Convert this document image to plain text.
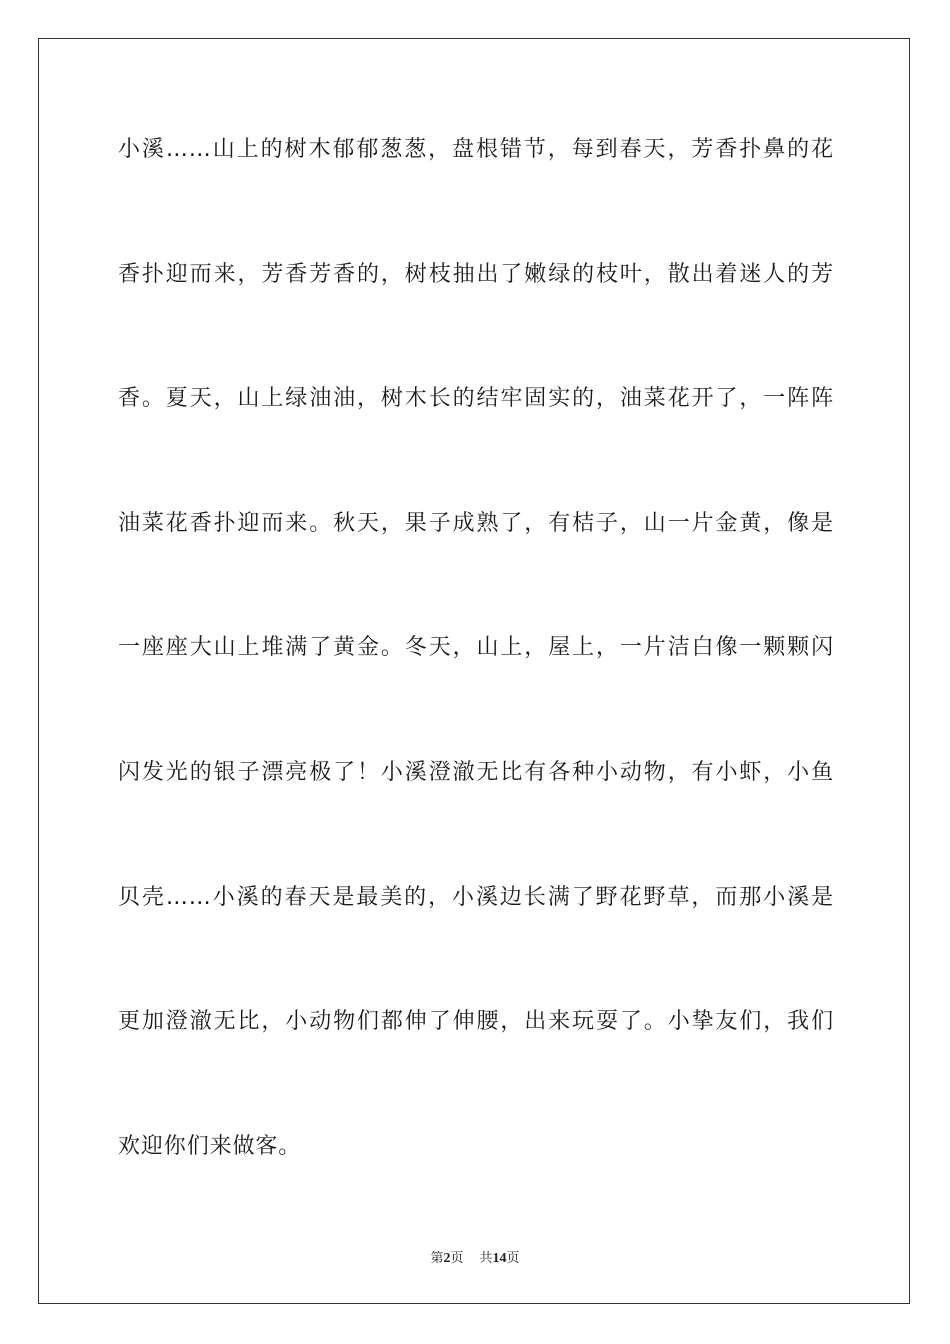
小溪……山上的树木郁郁葱葱，盘根错节，每到春天，芳香扑鼻的花
香扑迎而来，芳香芳香的，树枝抽出了嫩绿的枝叶，散出着迷人的芳
香。夏天，山上绿油油，树木长的结牢固实的，油菜花开了，一阵阵
油菜花香扑迎而来。秋天，果子成熟了，有桔子，山一片金黄，像是
一座座大山上堆满了黄金。冬天，山上，屋上，一片洁白像一颗颗闪
闪发光的银子漂亮极了！小溪澄澈无比有各种小动物，有小虾，小鱼
贝壳……小溪的春天是最美的，小溪边长满了野花野草，而那小溪是
更加澄澈无比，小动物们都伸了伸腰，出来玩耍了。小挚友们，我们
欢迎你们来做客。
第2页 共14页
